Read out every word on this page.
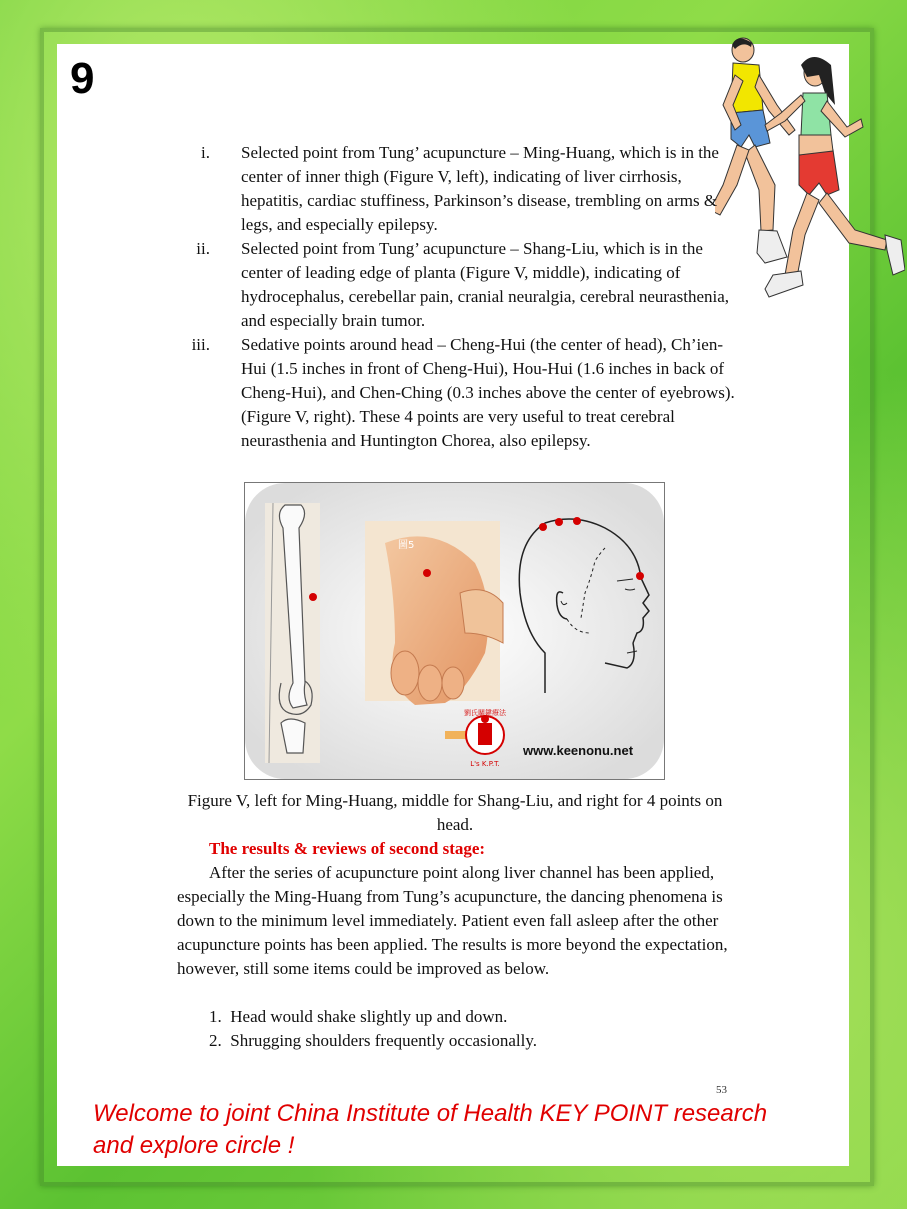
9
i. Selected point from Tung’ acupuncture – Ming-Huang, which is in the center of inner thigh (Figure V, left), indicating of liver cirrhosis, hepatitis, cardiac stuffiness, Parkinson’s disease, trembling on arms & legs, and especially epilepsy.
ii. Selected point from Tung’ acupuncture – Shang-Liu, which is in the center of leading edge of planta (Figure V, middle), indicating of hydrocephalus, cerebellar pain, cranial neuralgia, cerebral neurasthenia, and especially brain tumor.
iii. Sedative points around head – Cheng-Hui (the center of head), Ch’ien-Hui (1.5 inches in front of Cheng-Hui), Hou-Hui (1.6 inches in back of Cheng-Hui), and Chen-Ching (0.3 inches above the center of eyebrows). (Figure V, right). These 4 points are very useful to treat cerebral neurasthenia and Huntington Chorea, also epilepsy.
圖5
劉氏關鍵療法
L's K.P.T.
www.keenonu.net
Figure V, left for Ming-Huang, middle for Shang-Liu, and right for 4 points on head.
The results & reviews of second stage:
After the series of acupuncture point along liver channel has been applied, especially the Ming-Huang from Tung’s acupuncture, the dancing phenomena is down to the minimum level immediately. Patient even fall asleep after the other acupuncture points has been applied. The results is more beyond the expectation, however, still some items could be improved as below.
1. Head would shake slightly up and down.
2. Shrugging shoulders frequently occasionally.
53
Welcome to joint China Institute of Health KEY POINT research
and explore circle !
